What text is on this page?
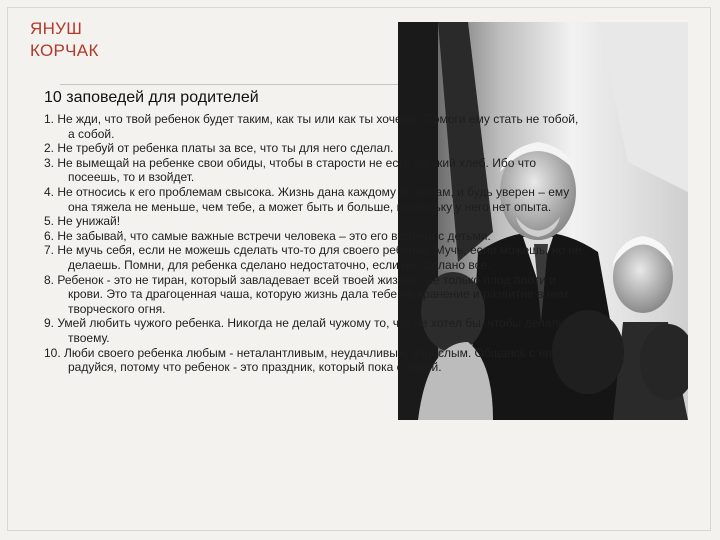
ЯНУШ
КОРЧАК
10 заповедей для родителей
1. Не жди, что твой ребенок будет таким, как ты или как ты хочешь. Помоги ему стать не тобой, а собой.
2. Не требуй от ребенка платы за все, что ты для него сделал.
3. Не вымещай на ребенке свои обиды, чтобы в старости не есть горький хлеб. Ибо что посеешь, то и взойдет.
4. Не относись к его проблемам свысока. Жизнь дана каждому по силам, и будь уверен – ему она тяжела не меньше, чем тебе, а может быть и больше, поскольку у него нет опыта.
5. Не унижай!
6. Не забывай, что самые важные встречи человека – это его встречи с детьми.
7. Не мучь себя, если не можешь сделать что-то для своего ребенка. Мучь, если можешь, но не делаешь. Помни, для ребенка сделано недостаточно, если не сделано все.
8. Ребенок - это не тиран, который завладевает всей твоей жизнью, не только плод плоти и крови. Это та драгоценная чаша, которую жизнь дала тебе на хранение и развитие в нем творческого огня.
9. Умей любить чужого ребенка. Никогда не делай чужому то, что не хотел бы, чтобы делали твоему.
10. Люби своего ребенка любым - неталантливым, неудачливым, взрослым. Общаясь с ним - радуйся, потому что ребенок - это праздник, который пока с тобой.
